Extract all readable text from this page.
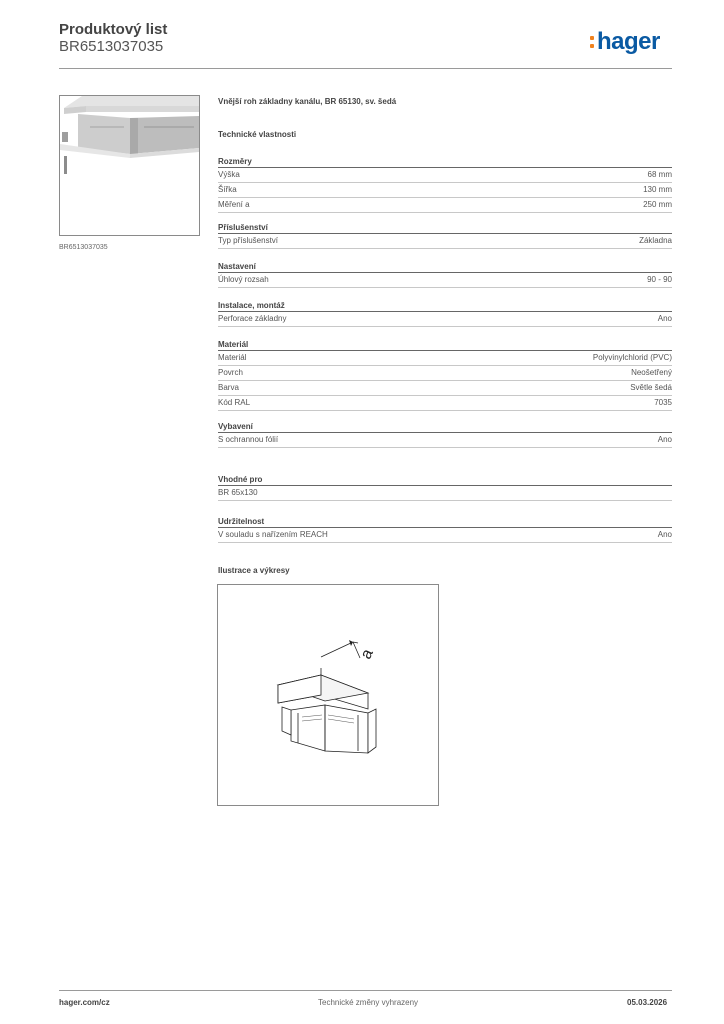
Produktový list
BR6513037035	hager
BR6513037035
Vnější roh základny kanálu, BR 65130, sv. šedá
Technické vlastnosti
Rozměry
Výška	68 mm
Šířka	130 mm
Měření a	250 mm
Příslušenství
Typ příslušenství	Základna
Nastavení
Úhlový rozsah	90 - 90
Instalace, montáž
Perforace základny	Ano
Materiál
Materiál	Polyvinylchlorid (PVC)
Povrch	Neošetřený
Barva	Světle šedá
Kód RAL	7035
Vybavení
S ochrannou fólií	Ano
Vhodné pro
BR 65x130
Udržitelnost
V souladu s nařízením REACH	Ano
Ilustrace a výkresy
a
hager.com/cz	Technické změny vyhrazeny	05.03.2026
